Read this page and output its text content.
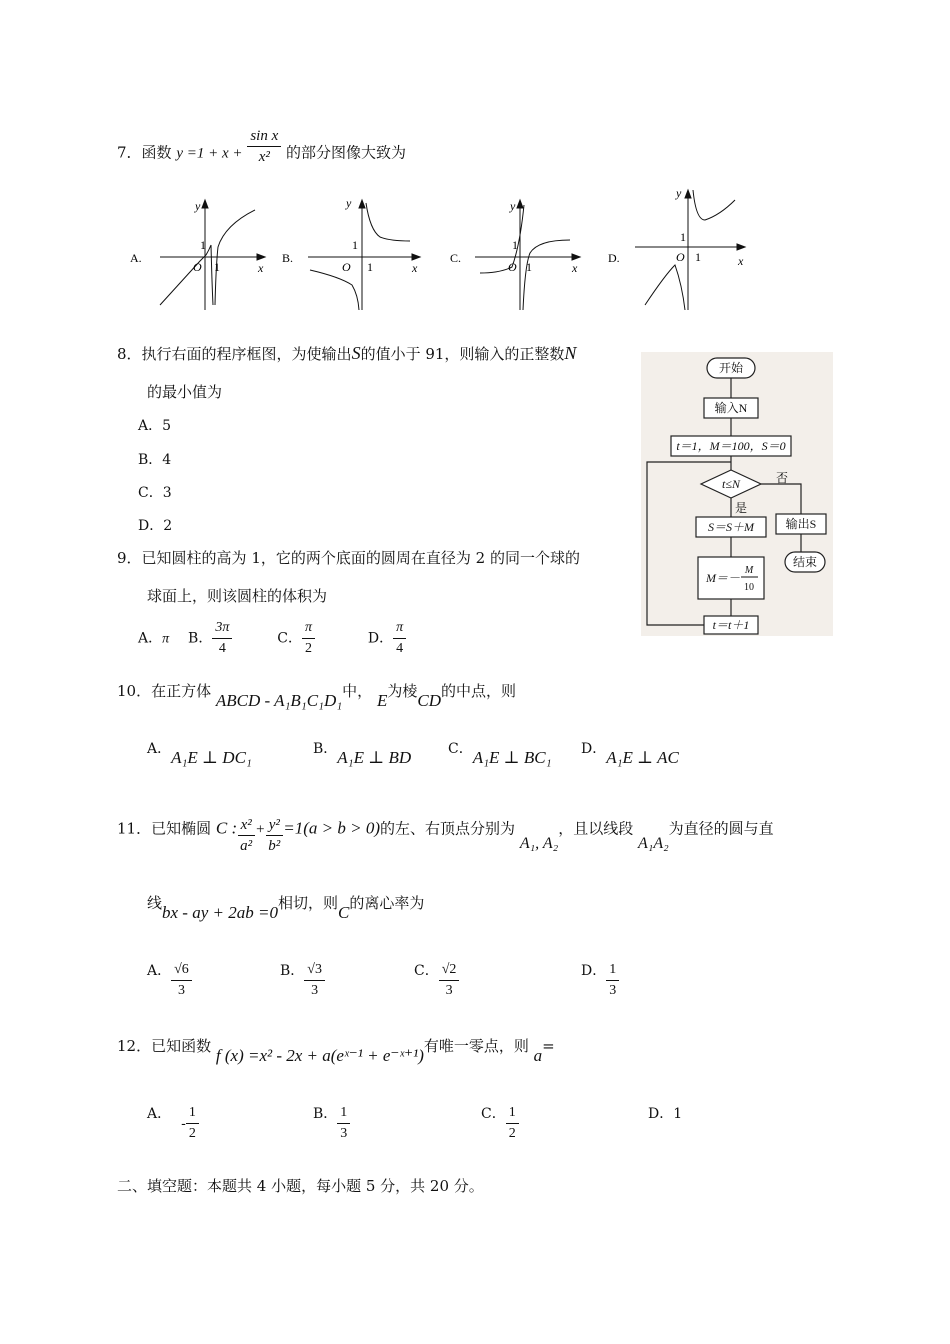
7．函数 $y =1 + x + \frac{\text{sin x}}{\text{x²}}$ 的部分图像大致为
A.
y
x
O
1
1
B.
y
x
O
1
1
C.
y
x
O
1
1
D.
y
x
O
1
1
8．执行右面的程序框图，为使输出S的值小于 91，则输入的正整数N
的最小值为
A．5
B．4
C．3
D．2
开始
输入N
t＝1，M＝100，S＝0
t≤N	否
是
S＝S＋M
M＝－
M
10
t＝t＋1
输出S
结束
9．已知圆柱的高为 1，它的两个底面的圆周在直径为 2 的同一个球的
球面上，则该圆柱的体积为
A．π B． $\frac{3\pi}{4}$	C． $\frac{\pi}{2}$	D． $\frac{\pi}{4}$
10．在正方体 ABCD - A₁B₁C₁D₁中， E为棱CD的中点，则
A．A₁E ⊥ DC₁	B．A₁E ⊥ BD	C．A₁E ⊥ BC₁ D．A₁E ⊥ AC
11．已知椭圆 C : $\frac{\text{x²}}{\text{a²}} + \frac{\text{y²}}{\text{b²}} =1(a > b > 0)$的左、右顶点分别为 A₁, A₂，且以线段 A₁A₂为直径的圆与直
线bx - ay + 2ab =0相切，则C的离心率为
A． $\frac{√6}{3}$	B． $\frac{√3}{3}$	C． $\frac{√2}{3}$	D． $\frac{1}{3}$
12．已知函数 f (x) =x² - 2x + a(eˣ⁻¹ + e⁻ˣ⁺¹)有唯一零点，则 a=
A．- $\frac{1}{2}$	B． $\frac{1}{3}$	C． $\frac{1}{2}$	D．1
二、填空题：本题共 4 小题，每小题 5 分，共 20 分。
